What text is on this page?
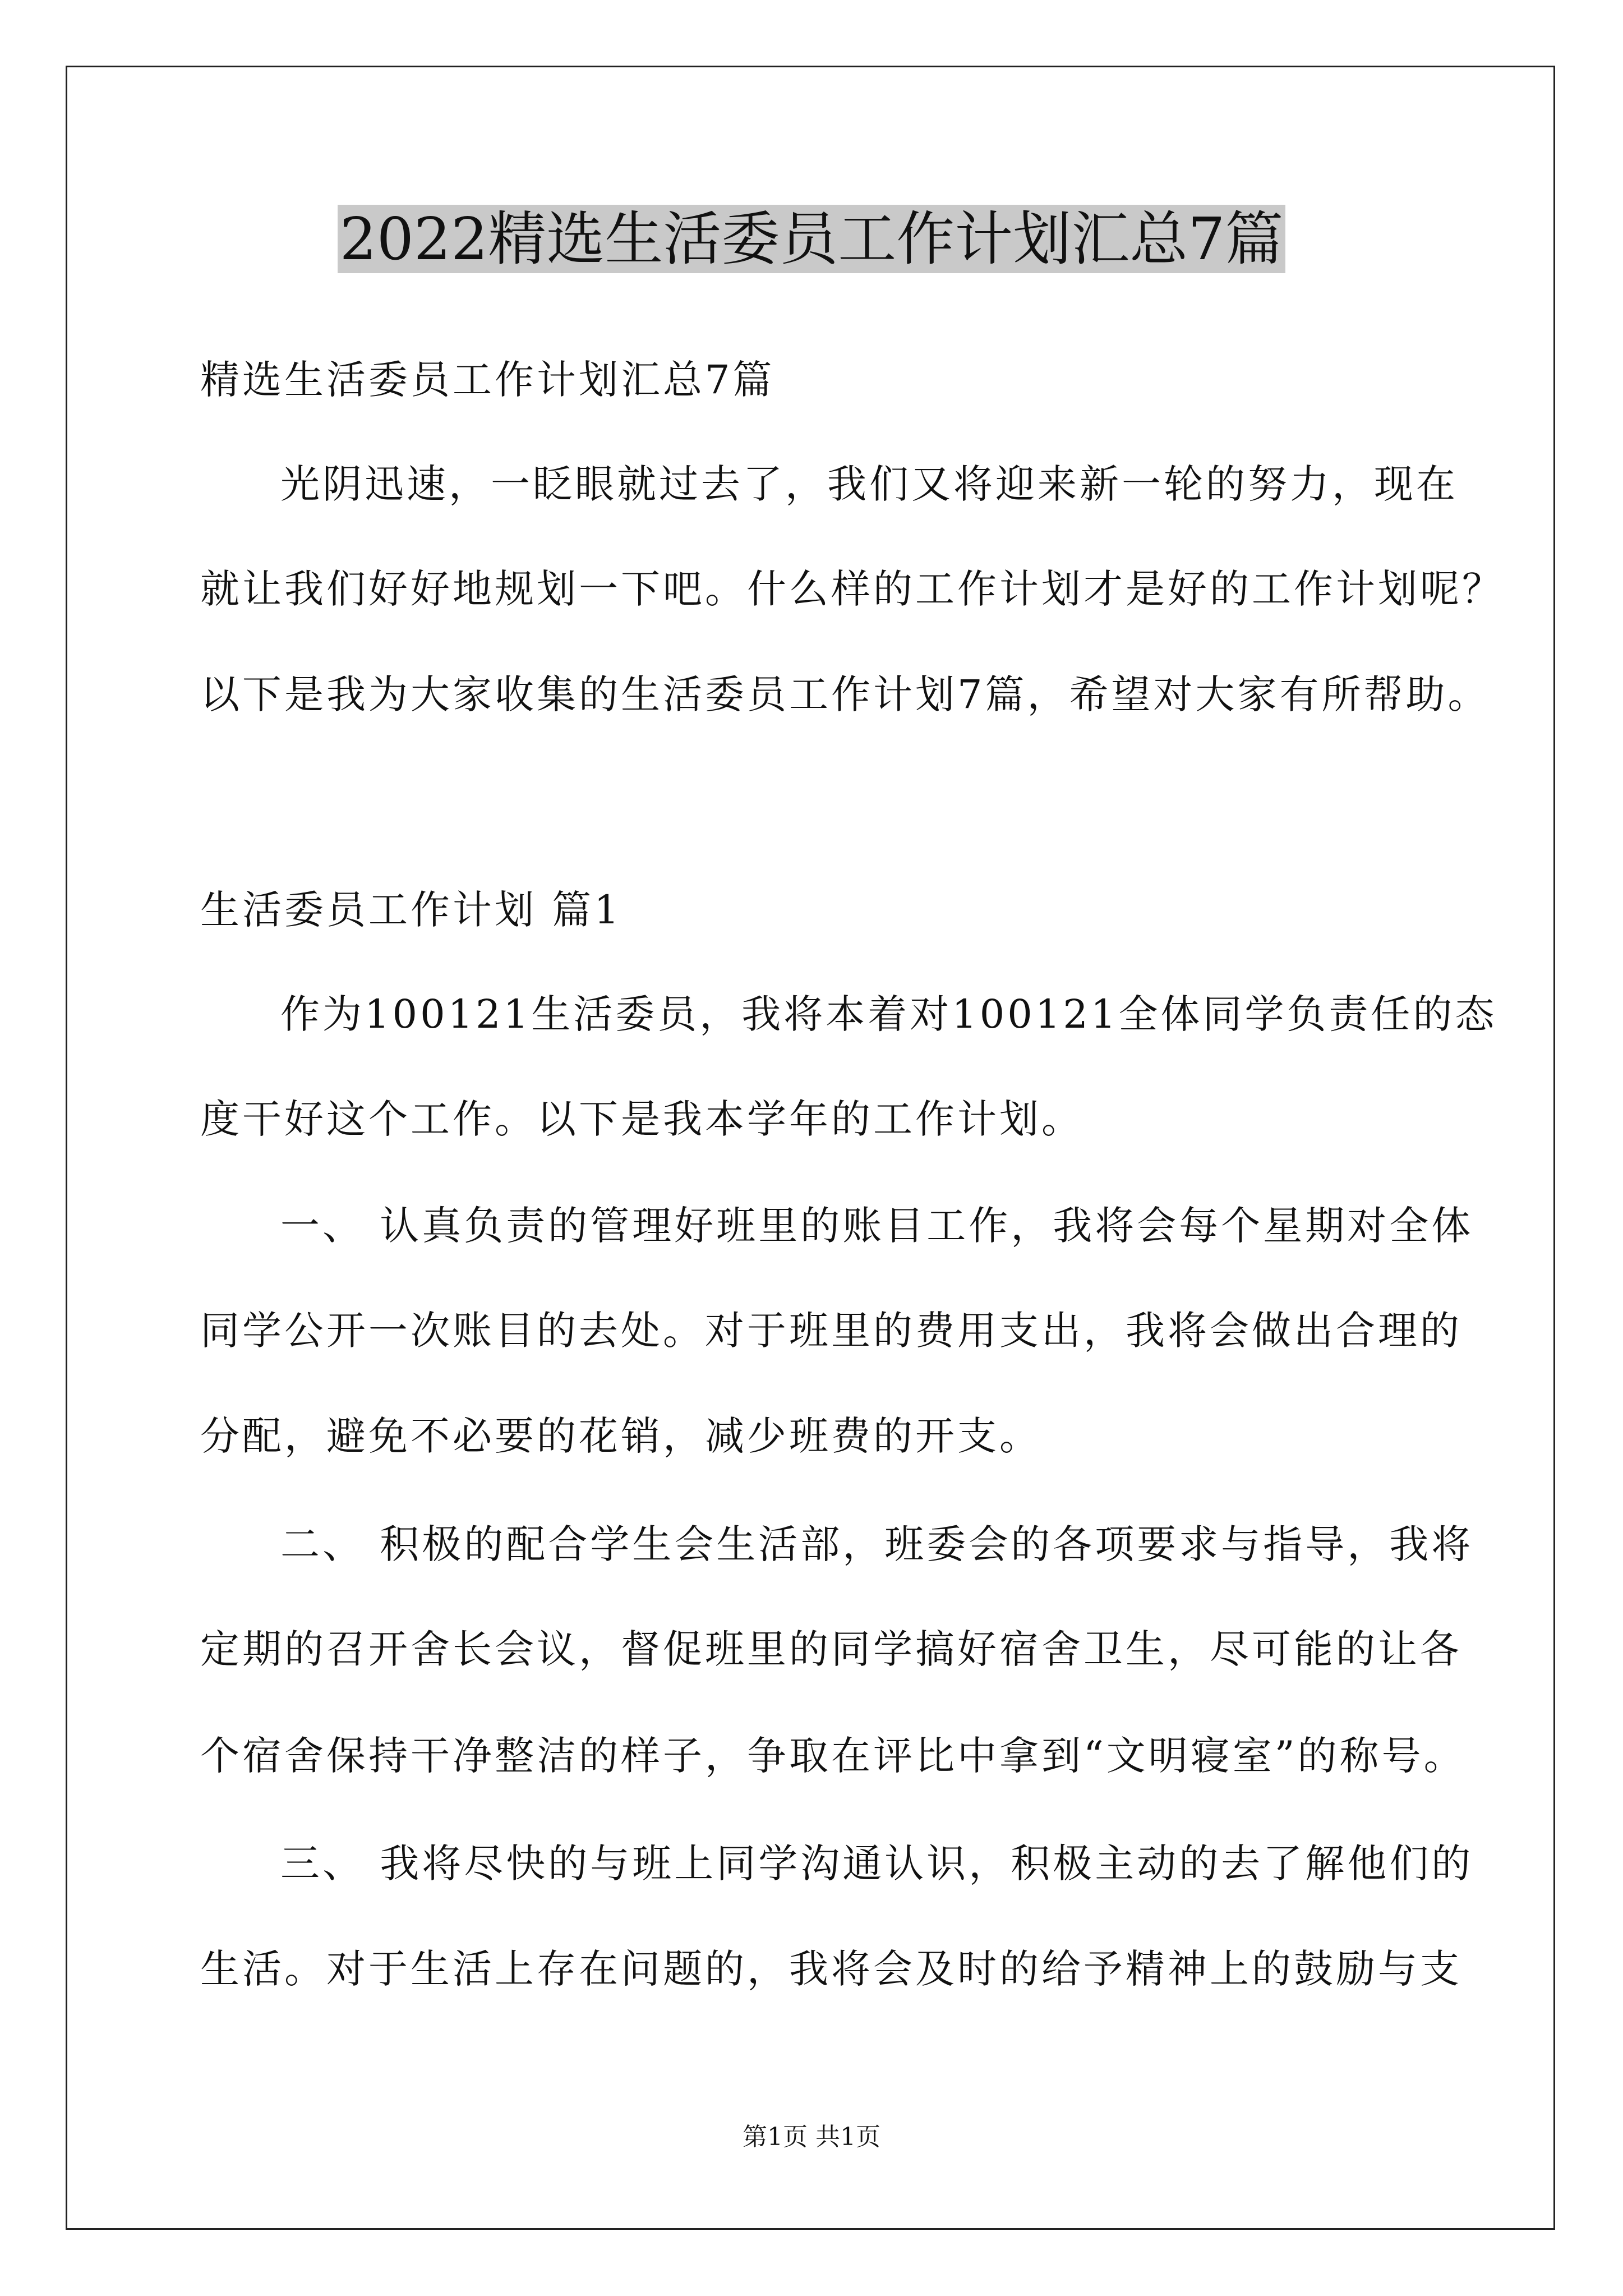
2022精选生活委员工作计划汇总7篇
精选生活委员工作计划汇总7篇
光阴迅速，一眨眼就过去了，我们又将迎来新一轮的努力，现在
就让我们好好地规划一下吧。什么样的工作计划才是好的工作计划呢？
以下是我为大家收集的生活委员工作计划7篇，希望对大家有所帮助。
生活委员工作计划 篇1
作为100121生活委员，我将本着对100121全体同学负责任的态
度干好这个工作。以下是我本学年的工作计划。
一、 认真负责的管理好班里的账目工作，我将会每个星期对全体
同学公开一次账目的去处。对于班里的费用支出，我将会做出合理的
分配，避免不必要的花销，减少班费的开支。
二、 积极的配合学生会生活部，班委会的各项要求与指导，我将
定期的召开舍长会议，督促班里的同学搞好宿舍卫生，尽可能的让各
个宿舍保持干净整洁的样子，争取在评比中拿到“文明寝室”的称号。
三、 我将尽快的与班上同学沟通认识，积极主动的去了解他们的
生活。对于生活上存在问题的，我将会及时的给予精神上的鼓励与支
第1页 共1页
